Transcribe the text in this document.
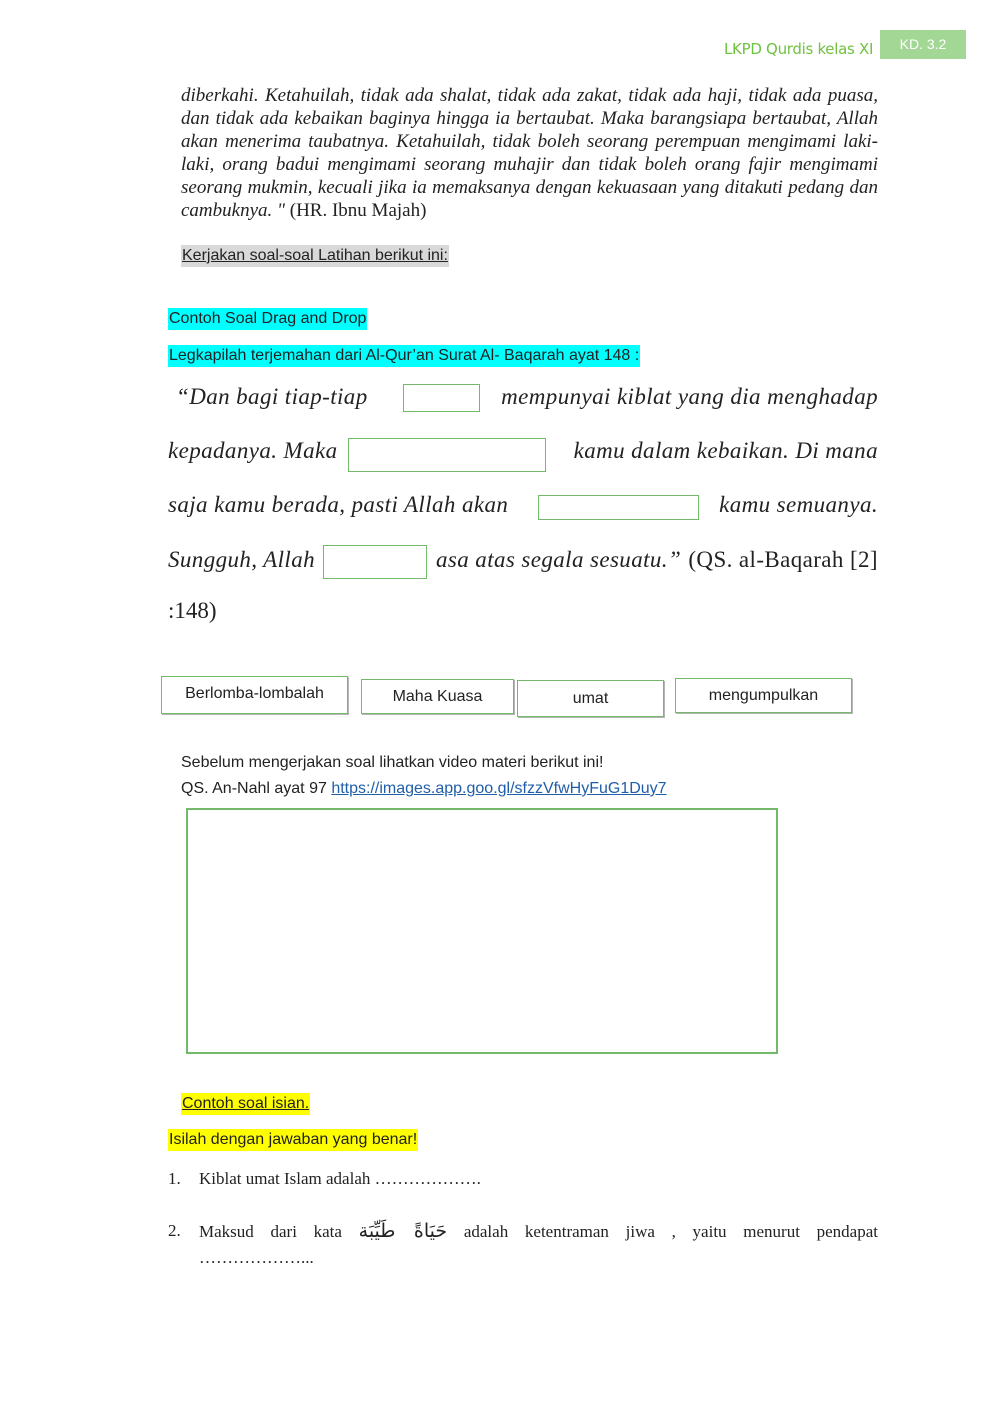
LKPD Qurdis kelas XI	KD. 3.2
diberkahi. Ketahuilah, tidak ada shalat, tidak ada zakat, tidak ada haji, tidak ada puasa, dan tidak ada kebaikan baginya hingga ia bertaubat. Maka barangsiapa bertaubat, Allah akan menerima taubatnya. Ketahuilah, tidak boleh seorang perempuan mengimami laki-laki, orang badui mengimami seorang muhajir dan tidak boleh orang fajir mengimami seorang mukmin, kecuali jika ia memaksanya dengan kekuasaan yang ditakuti pedang dan cambuknya. " (HR. Ibnu Majah)
Kerjakan soal-soal Latihan berikut ini:
Contoh Soal Drag and Drop
Legkapilah terjemahan dari Al-Qur’an Surat Al- Baqarah ayat 148 :
“Dan bagi tiap-tiap	mempunyai kiblat yang dia menghadap
kepadanya. Maka	kamu dalam kebaikan. Di mana
saja kamu berada, pasti Allah akan	kamu semuanya.
Sungguh, Allah	asa atas segala sesuatu.” (QS. al-Baqarah [2]
:148)
Berlomba-lombalah	Maha Kuasa	umat	mengumpulkan
Sebelum mengerjakan soal lihatkan video materi berikut ini!
QS. An-Nahl ayat 97 https://images.app.goo.gl/sfzzVfwHyFuG1Duy7
Contoh soal isian.
Isilah dengan jawaban yang benar!
1. Kiblat umat Islam adalah ……………….
2. Maksud dari kata حَيَاةً طَيِّبَة adalah ketentraman jiwa , yaitu menurut pendapat
………………...
